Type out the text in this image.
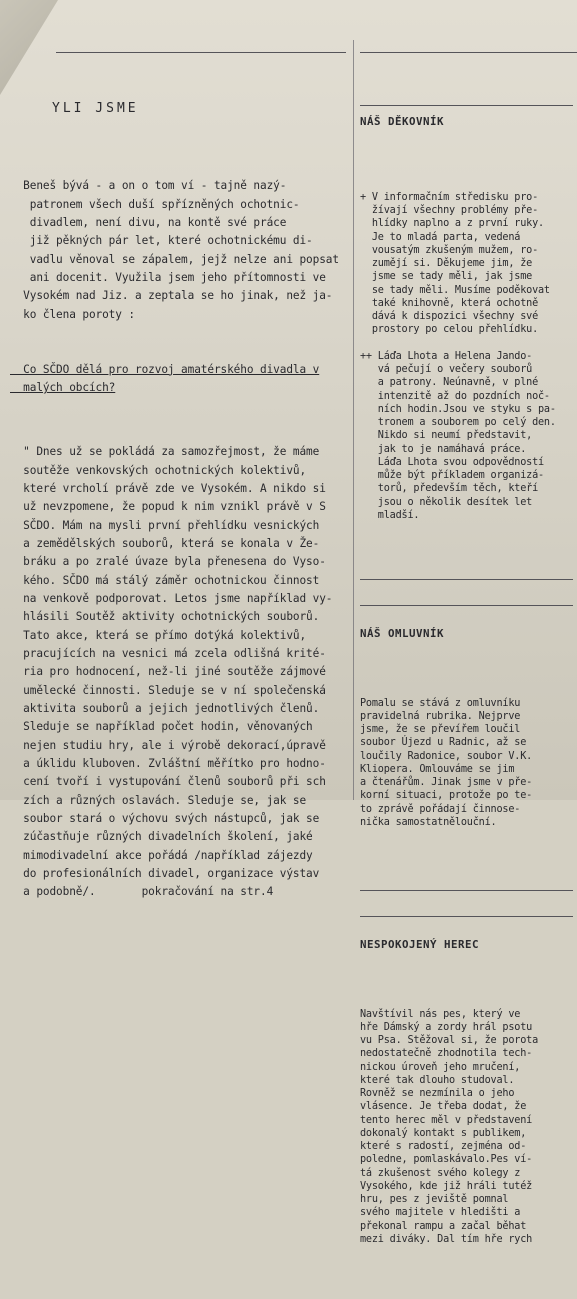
YLI JSME

Beneš bývá - a on o tom ví - tajně nazý-
patronem všech duší spřízněných ochotnic-
divadlem, není divu, na kontě své práce
již pěkných pár let, které ochotnickému di-
vadlu věnoval se zápalem, jejž nelze ani popsat
ani docenit. Využila jsem jeho přítomnosti ve
Vysokém nad Jiz. a zeptala se ho jinak, než ja-
ko člena poroty :

Co SČDO dělá pro rozvoj amatérského divadla v
malých obcích?

" Dnes už se pokládá za samozřejmost, že máme
soutěže venkovských ochotnických kolektivů,
které vrcholí právě zde ve Vysokém. A nikdo si
už nevzpomene, že popud k nim vznikl právě v S
SČDO. Mám na mysli první přehlídku vesnických
a zemědělských souborů, která se konala v Že-
bráku a po zralé úvaze byla přenesena do Vyso-
kého. SČDO má stálý záměr ochotnickou činnost
na venkově podporovat. Letos jsme například vy-
hlásili Soutěž aktivity ochotnických souborů.
Tato akce, která se přímo dotýká kolektivů,
pracujících na vesnici má zcela odlišná krité-
ria pro hodnocení, než-li jiné soutěže zájmové
umělecké činnosti. Sleduje se v ní společenská
aktivita souborů a jejich jednotlivých členů.
Sleduje se například počet hodin, věnovaných
nejen studiu hry, ale i výrobě dekorací,úpravě
a úklidu kluboven. Zvláštní měřítko pro hodno-
cení tvoří i vystupování členů souborů při sch
zích a různých oslavách. Sleduje se, jak se
soubor stará o výchovu svých nástupců, jak se
zúčastňuje různých divadelních školení, jaké
mimodivadelní akce pořádá /například zájezdy
do profesionálních divadel, organizace výstav
a podobně/.       pokračování na str.4

NÁŠ DĚKOVNÍK

+ V informačním středisku pro-
žívají všechny problémy pře-
hlídky naplno a z první ruky.
Je to mladá parta, vedená
vousatým zkušeným mužem, ro-
zumějí si. Děkujeme jim, že
jsme se tady měli, jak jsme
se tady měli. Musíme poděkovat
také knihovně, která ochotně
dává k dispozici všechny své
prostory po celou přehlídku.
++ Láďa Lhota a Helena Jando-
vá pečují o večery souborů
a patrony. Neúnavně, v plné
intenzitě až do pozdních noč-
ních hodin.Jsou ve styku s pa-
tronem a souborem po celý den.
Nikdo si neumí představit,
jak to je namáhavá práce.
Láďa Lhota svou odpovědností
může být příkladem organizá-
torů, především těch, kteří
jsou o několik desítek let
mladší.

NÁŠ OMLUVNÍK

Pomalu se stává z omluvníku
pravidelná rubrika. Nejprve
jsme, že se převířem loučil
soubor Újezd u Radnic, až se
loučily Radonice, soubor V.K.
Kliopera. Omlouváme se jim
a čtenářům. Jinak jsme v pře-
korní situaci, protože po te-
to zprávě pořádají činnose-
nička samostatnělouční.

NESPOKOJENÝ HEREC

Navštívil nás pes, který ve
hře Dámský a zordy hrál psotu
vu Psa. Stěžoval si, že porota
nedostatečně zhodnotila tech-
nickou úroveň jeho mručení,
které tak dlouho studoval.
Rovněž se nezmínila o jeho
vlásence. Je třeba dodat, že
tento herec měl v představení
dokonalý kontakt s publikem,
které s radostí, zejména od-
poledne, pomlaskávalo.Pes ví-
tá zkušenost svého kolegy z
Vysokého, kde již hráli tutéž
hru, pes z jeviště pomnal
svého majitele v hledišti a
překonal rampu a začal běhat
mezi diváky. Dal tím hře rych
